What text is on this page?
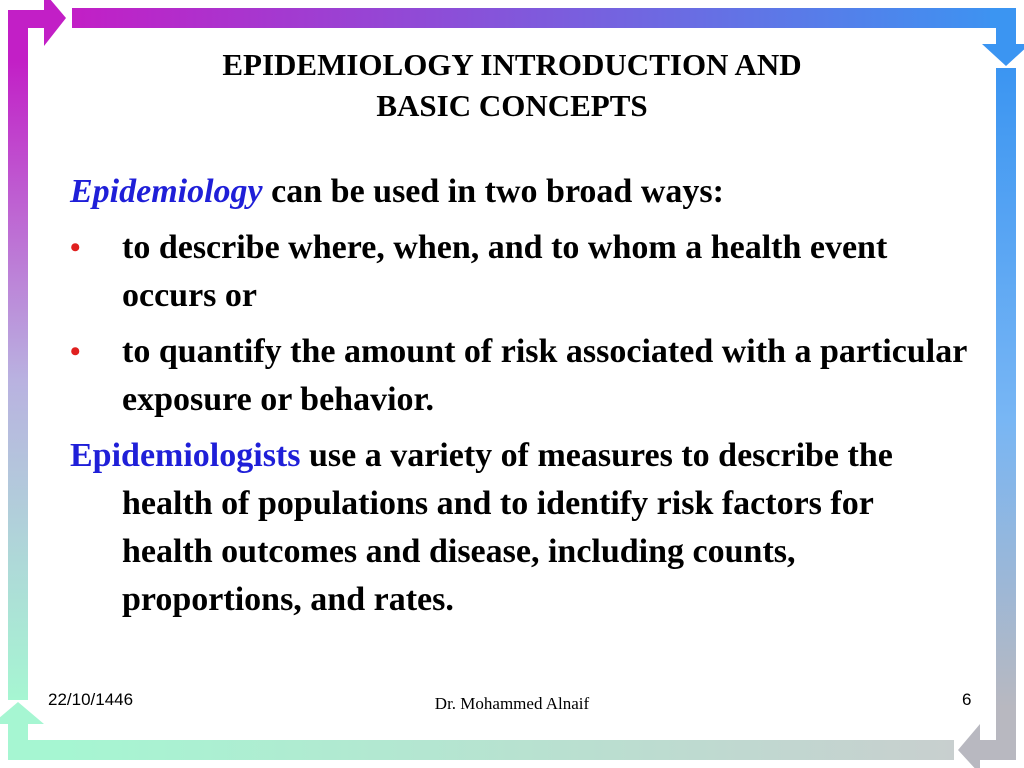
EPIDEMIOLOGY INTRODUCTION AND
BASIC CONCEPTS

Epidemiology can be used in two broad ways:

•	to describe where, when, and to whom a health event occurs or
•	to quantify the amount of risk associated with a particular exposure or behavior.

Epidemiologists use a variety of measures to describe the health of populations and to identify risk factors for health outcomes and disease, including counts, proportions, and rates.

22/10/1446	Dr. Mohammed Alnaif	6
